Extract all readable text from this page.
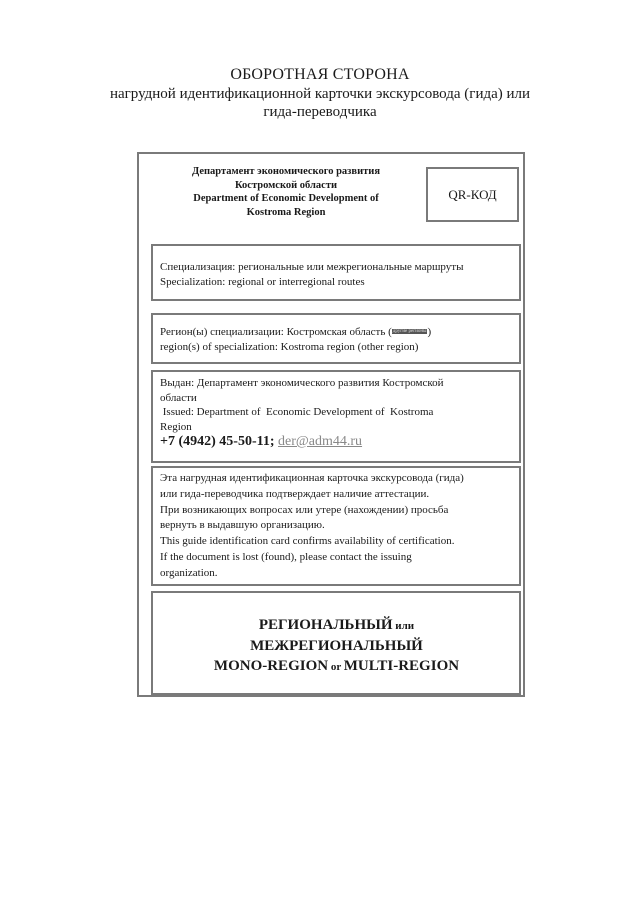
ОБОРОТНАЯ СТОРОНА
нагрудной идентификационной карточки экскурсовода (гида) или
гида-переводчика
Департамент экономического развития
Костромской области
Department of Economic Development of
Kostroma Region
QR-КОД
Специализация: региональные или межрегиональные маршруты
Specialization: regional or interregional routes
Регион(ы) специализации: Костромская область (другие регионы)
region(s) of specialization: Kostroma region (other region)
Выдан: Департамент экономического развития Костромской
области
Issued: Department of  Economic Development of  Kostroma
Region
+7 (4942) 45-50-11; der@adm44.ru
Эта нагрудная идентификационная карточка экскурсовода (гида)
или гида-переводчика подтверждает наличие аттестации.
При возникающих вопросах или утере (нахождении) просьба
вернуть в выдавшую организацию.
This guide identification card confirms availability of certification.
If the document is lost (found), please contact the issuing
organization.
РЕГИОНАЛЬНЫЙ или
МЕЖРЕГИОНАЛЬНЫЙ
MONO-REGION or MULTI-REGION
